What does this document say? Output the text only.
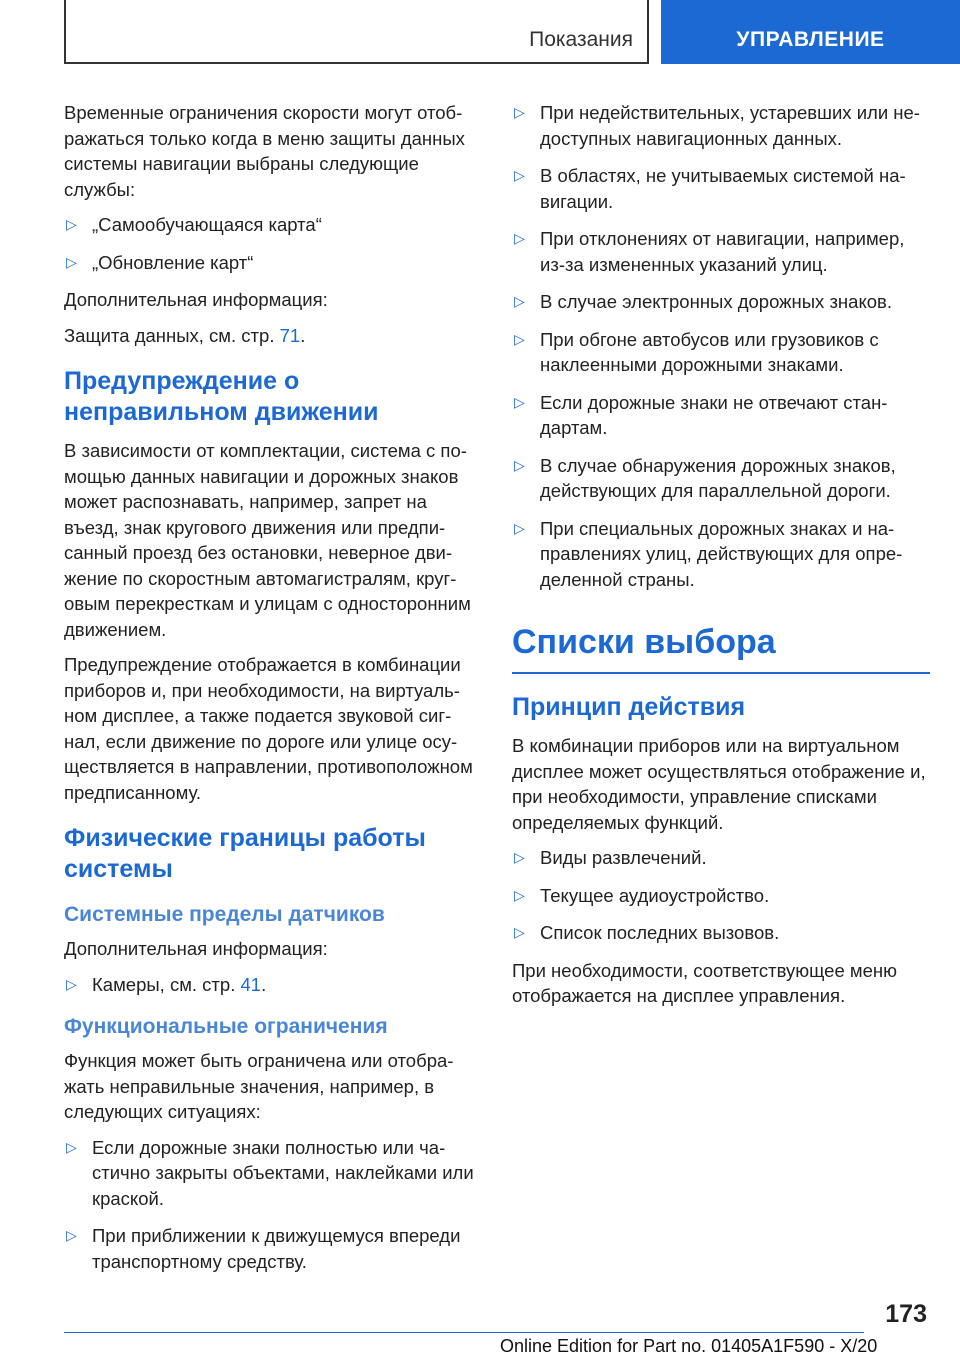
Показания	УПРАВЛЕНИЕ

Временные ограничения скорости могут отоб-ражаться только когда в меню защиты данных системы навигации выбраны следующие службы:

▷ „Самообучающаяся карта“
▷ „Обновление карт“

Дополнительная информация:

Защита данных, см. стр. 71.

Предупреждение о неправильном движении

В зависимости от комплектации, система с по-мощью данных навигации и дорожных знаков может распознавать, например, запрет на въезд, знак кругового движения или предпи-санный проезд без остановки, неверное дви-жение по скоростным автомагистралям, круг-овым перекресткам и улицам с односторонним движением.

Предупреждение отображается в комбинации приборов и, при необходимости, на виртуаль-ном дисплее, а также подается звуковой сиг-нал, если движение по дороге или улице осу-ществляется в направлении, противоположном предписанному.

Физические границы работы системы
Системные пределы датчиков

Дополнительная информация:

▷ Камеры, см. стр. 41.
Функциональные ограничения

Функция может быть ограничена или отобра-жать неправильные значения, например, в следующих ситуациях:

▷ Если дорожные знаки полностью или ча-стично закрыты объектами, наклейками или краской.
▷ При приближении к движущемуся впереди транспортному средству.
▷ При недействительных, устаревших или не-доступных навигационных данных.
▷ В областях, не учитываемых системой на-вигации.
▷ При отклонениях от навигации, например, из-за измененных указаний улиц.
▷ В случае электронных дорожных знаков.
▷ При обгоне автобусов или грузовиков с наклеенными дорожными знаками.
▷ Если дорожные знаки не отвечают стан-дартам.
▷ В случае обнаружения дорожных знаков, действующих для параллельной дороги.
▷ При специальных дорожных знаках и на-правлениях улиц, действующих для опре-деленной страны.
Списки выбора
Принцип действия

В комбинации приборов или на виртуальном дисплее может осуществляться отображение и, при необходимости, управление списками определяемых функций.

▷ Виды развлечений.
▷ Текущее аудиоустройство.
▷ Список последних вызовов.

При необходимости, соответствующее меню отображается на дисплее управления.

173
Online Edition for Part no. 01405A1F590 - X/20
